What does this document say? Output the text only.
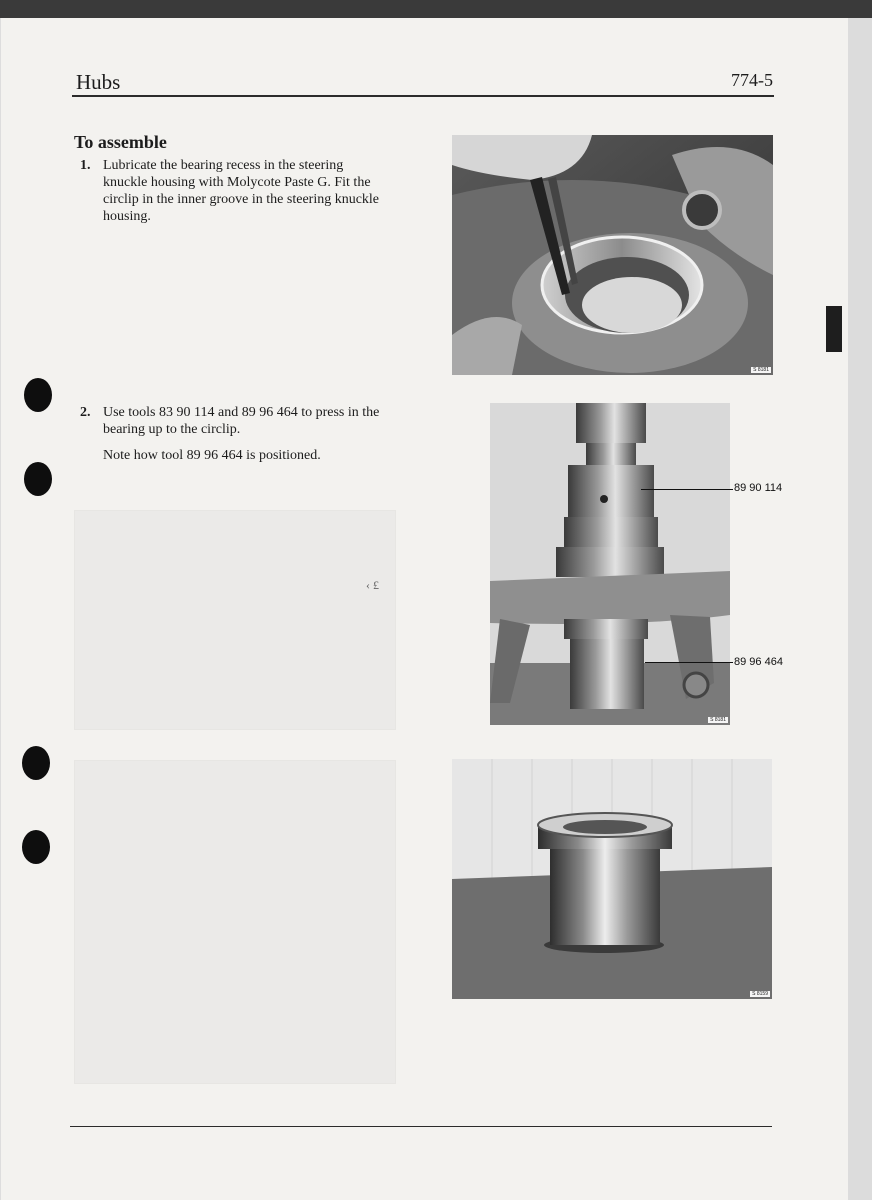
Hubs	774-5
‹ £
To assemble
1. Lubricate the bearing recess in the steering
knuckle housing with Molycote Paste G. Fit the
circlip in the inner groove in the steering knuckle
housing.
2. Use tools 83 90 114 and 89 96 464 to press in the
bearing up to the circlip.
Note how tool 89 96 464 is positioned.
S 8181
S 8181
89 90 114
89 96 464
S 8159
